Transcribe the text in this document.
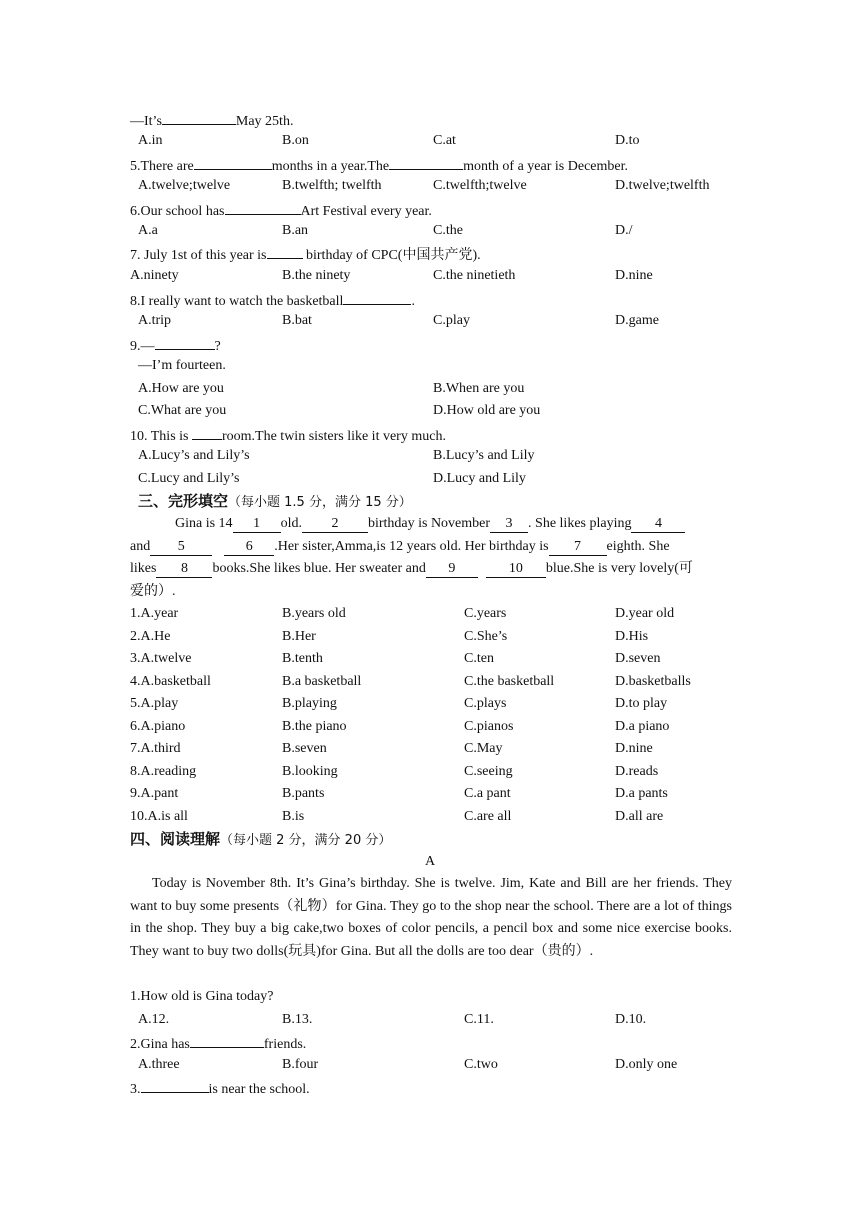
—It’s	May 25th.
A.in	B.on	C.at	D.to
5.There are	months in a year.The	month of a year is December.
A.twelve;twelve	B.twelfth; twelfth	C.twelfth;twelve	D.twelve;twelfth
6.Our school has	Art Festival every year.
A.a	B.an	C.the	D./
7. July 1st of this year is	birthday of CPC(中国共产党).
A.ninety	B.the ninety	C.the ninetieth	D.nine
8.I really want to watch the basketball	.
A.trip	B.bat	C.play	D.game
9.—	?
—I’m fourteen.
A.How are you	B.When are you
C.What are you	D.How old are you
10. This is room.The twin sisters like it very much.
A.Lucy’s and Lily’s	B.Lucy’s and Lily
C.Lucy and Lily’s	D.Lucy and Lily
三、完形填空（每小题 1.5 分，满分 15 分）
Gina is 14 1 old. 2 birthday is November 3 . She likes playing 4
and 5	6 .Her sister,Amma,is 12 years old. Her birthday is 7 eighth. She
likes 8 books.She likes blue. Her sweater and 9	10 blue.She is very lovely(可
爱的）.
1.A.year	B.years old	C.years	D.year old
2.A.He	B.Her	C.She’s	D.His
3.A.twelve	B.tenth	C.ten	D.seven
4.A.basketball	B.a basketball	C.the basketball	D.basketballs
5.A.play	B.playing	C.plays	D.to play
6.A.piano	B.the piano	C.pianos	D.a piano
7.A.third	B.seven	C.May	D.nine
8.A.reading	B.looking	C.seeing	D.reads
9.A.pant	B.pants	C.a pant	D.a pants
10.A.is all	B.is	C.are all	D.all are
四、阅读理解（每小题 2 分，满分 20 分）
A
Today is November 8th. It’s Gina’s birthday. She is twelve. Jim, Kate and Bill are her friends. They want to buy some presents（礼物）for Gina. They go to the shop near the school. There are a lot of things in the shop. They buy a big cake,two boxes of color pencils, a pencil box and some nice exercise books. They want to buy two dolls(玩具)for Gina. But all the dolls are too dear（贵的）.
1.How old is Gina today?
A.12.	B.13.	C.11.	D.10.
2.Gina has	friends.
A.three	B.four	C.two	D.only one
3.	is near the school.
